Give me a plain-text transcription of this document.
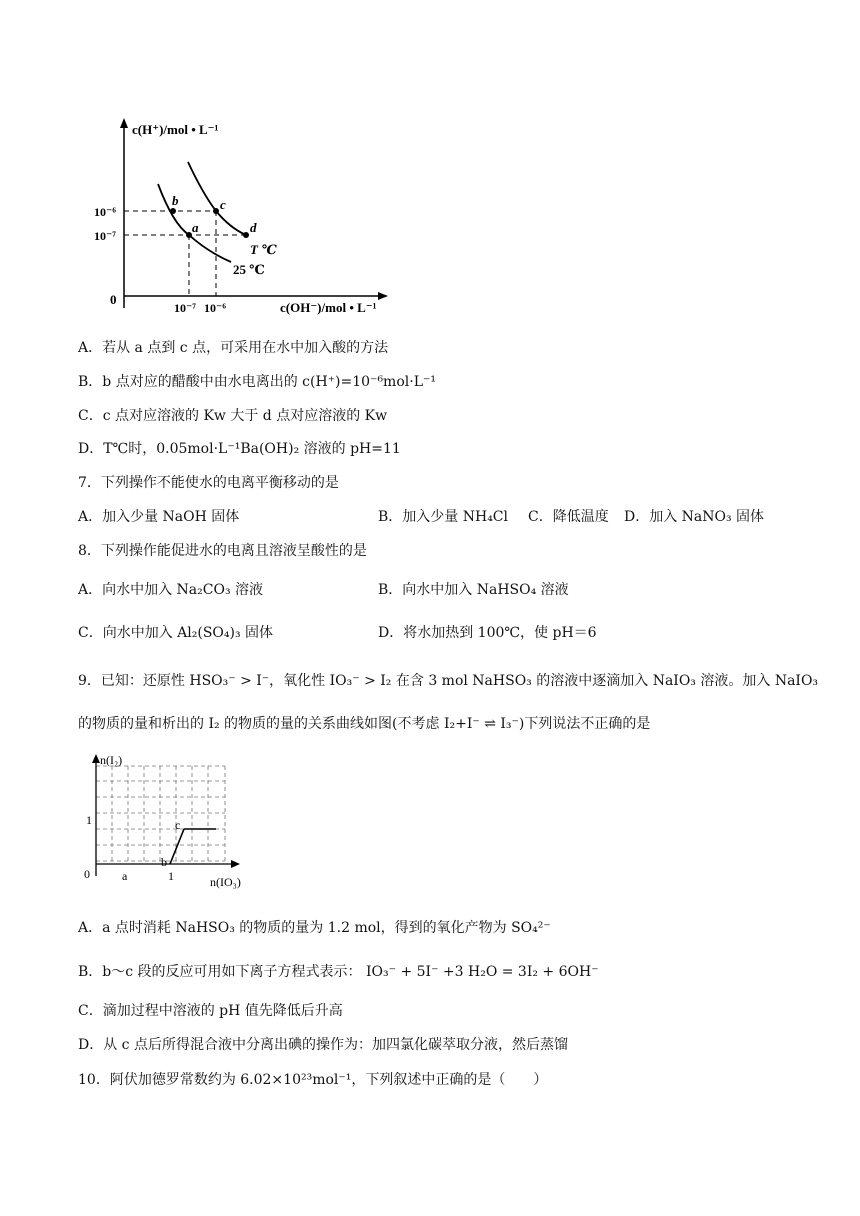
c(H⁺)/mol • L⁻¹
c(OH⁻)/mol • L⁻¹
0
10⁻⁶
10⁻⁷
10⁻⁷ 10⁻⁶
a
b	c
d
T ℃
25 ℃
A．若从 a 点到 c 点，可采用在水中加入酸的方法
B．b 点对应的醋酸中由水电离出的 c(H⁺)=10⁻⁶mol·L⁻¹
C．c 点对应溶液的 Kw 大于 d 点对应溶液的 Kw
D．T℃时，0.05mol·L⁻¹Ba(OH)₂ 溶液的 pH=11
7．下列操作不能使水的电离平衡移动的是
A．加入少量 NaOH 固体	B．加入少量 NH₄Cl C．降低温度 D．加入 NaNO₃ 固体
8．下列操作能促进水的电离且溶液呈酸性的是
A．向水中加入 Na₂CO₃ 溶液	B．向水中加入 NaHSO₄ 溶液
C．向水中加入 Al₂(SO₄)₃ 固体	D．将水加热到 100℃，使 pH＝6
9．已知：还原性 HSO₃⁻ > I⁻，氧化性 IO₃⁻ > I₂ 在含 3 mol NaHSO₃ 的溶液中逐滴加入 NaIO₃ 溶液。加入 NaIO₃
的物质的量和析出的 I₂ 的物质的量的关系曲线如图(不考虑 I₂+I⁻ ⇌ I₃⁻)下列说法不正确的是
n(I₂)
n(IO₃)
0
1
1
a
b
c
A．a 点时消耗 NaHSO₃ 的物质的量为 1.2 mol，得到的氧化产物为 SO₄²⁻
B．b～c 段的反应可用如下离子方程式表示： IO₃⁻ + 5I⁻ +3 H₂O = 3I₂ + 6OH⁻
C．滴加过程中溶液的 pH 值先降低后升高
D．从 c 点后所得混合液中分离出碘的操作为：加四氯化碳萃取分液，然后蒸馏
10．阿伏加德罗常数约为 6.02×10²³mol⁻¹，下列叙述中正确的是（　　）
